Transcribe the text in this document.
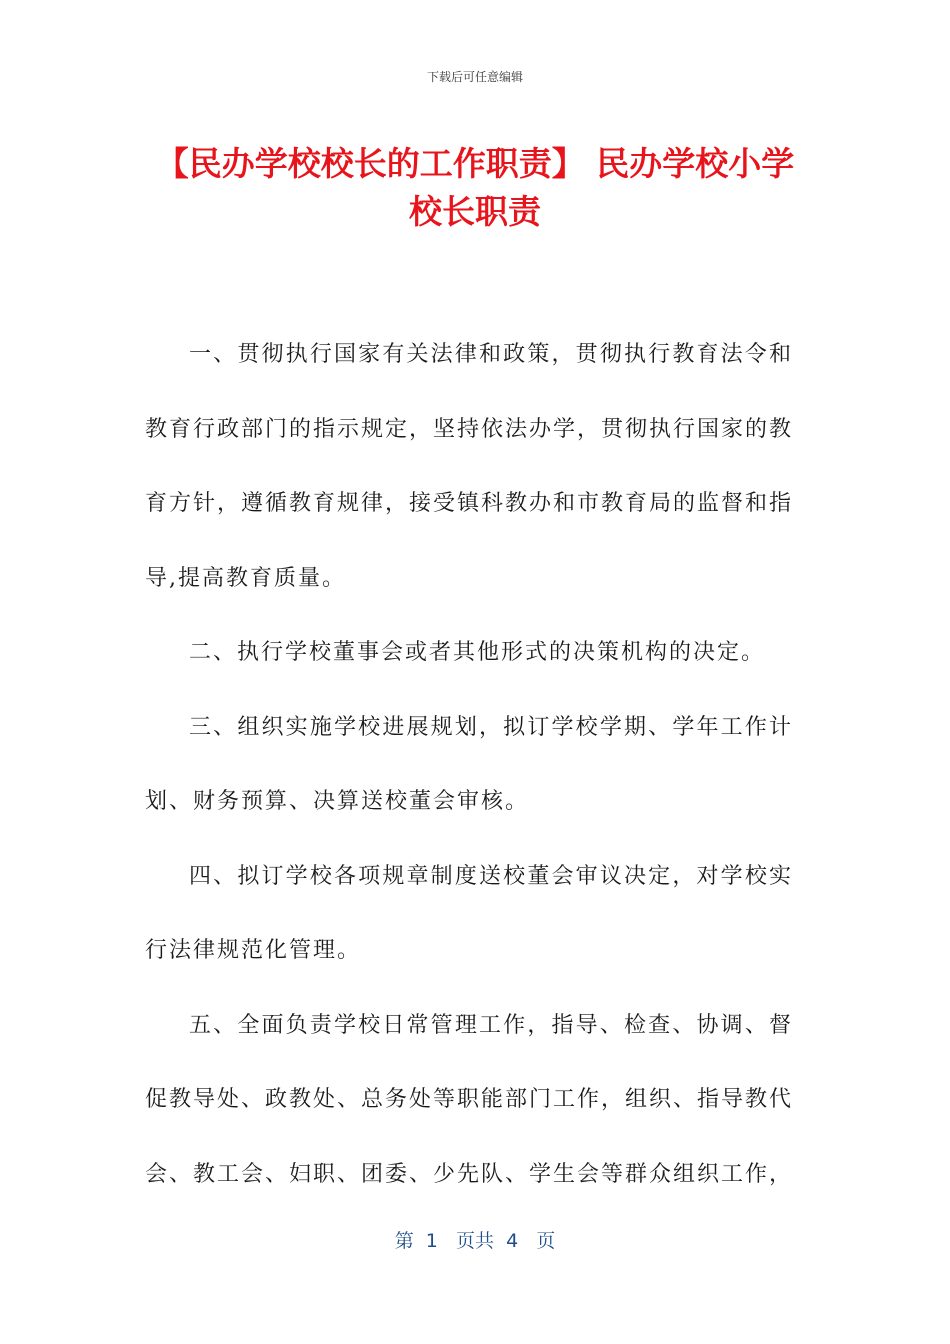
下载后可任意编辑
【民办学校校长的工作职责】 民办学校小学校长职责

一、贯彻执行国家有关法律和政策，贯彻执行教育法令和教育行政部门的指示规定，坚持依法办学，贯彻执行国家的教育方针，遵循教育规律，接受镇科教办和市教育局的监督和指导,提高教育质量。

二、执行学校董事会或者其他形式的决策机构的决定。

三、组织实施学校进展规划，拟订学校学期、学年工作计划、财务预算、决算送校董会审核。

四、拟订学校各项规章制度送校董会审议决定，对学校实行法律规范化管理。

五、全面负责学校日常管理工作，指导、检查、协调、督促教导处、政教处、总务处等职能部门工作，组织、指导教代会、教工会、妇职、团委、少先队、学生会等群众组织工作，

第  1   页共  4   页
